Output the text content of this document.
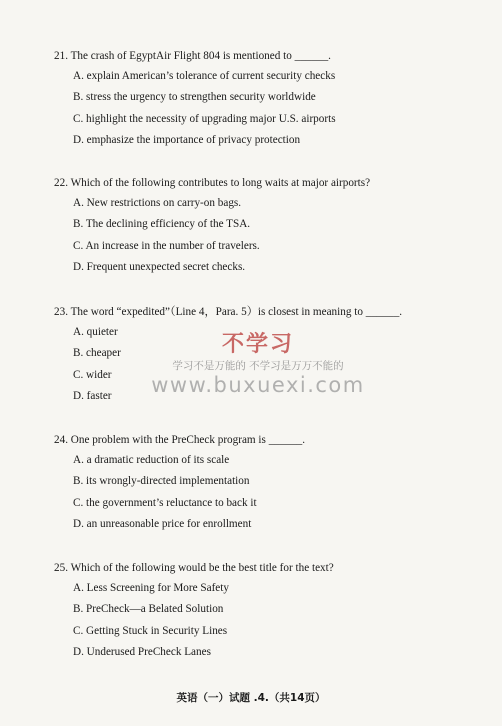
21. The crash of EgyptAir Flight 804 is mentioned to ______.
A. explain American’s tolerance of current security checks
B. stress the urgency to strengthen security worldwide
C. highlight the necessity of upgrading major U.S. airports
D. emphasize the importance of privacy protection
22. Which of the following contributes to long waits at major airports?
A. New restrictions on carry-on bags.
B. The declining efficiency of the TSA.
C. An increase in the number of travelers.
D. Frequent unexpected secret checks.
23. The word “expedited”（Line 4，Para. 5）is closest in meaning to ______.
A. quieter
B. cheaper
C. wider
D. faster
24. One problem with the PreCheck program is ______.
A. a dramatic reduction of its scale
B. its wrongly-directed implementation
C. the government’s reluctance to back it
D. an unreasonable price for enrollment
25. Which of the following would be the best title for the text?
A. Less Screening for More Safety
B. PreCheck—a Belated Solution
C. Getting Stuck in Security Lines
D. Underused PreCheck Lanes
不学习
学习不是万能的 不学习是万万不能的
www.buxuexi.com
英语（一）试题 .4.（共14页）
